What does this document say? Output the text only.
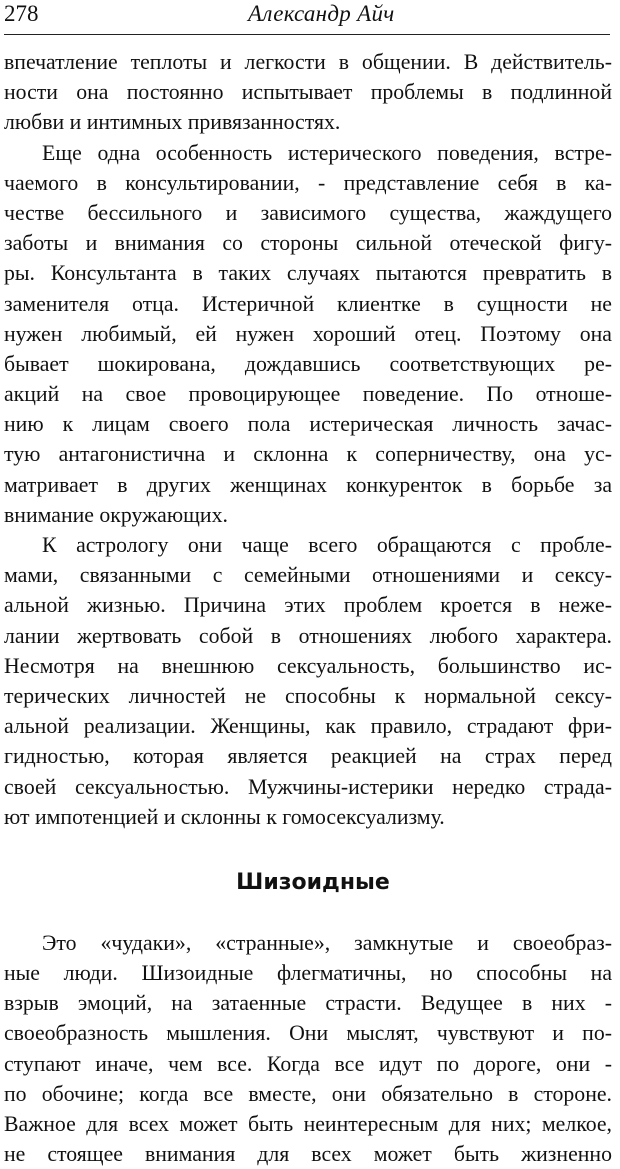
278	Александр Айч
впечатление теплоты и легкости в общении. В действитель-
ности она постоянно испытывает проблемы в подлинной
любви и интимных привязанностях.
Еще одна особенность истерического поведения, встре-
чаемого в консультировании, - представление себя в ка-
честве бессильного и зависимого существа, жаждущего
заботы и внимания со стороны сильной отеческой фигу-
ры. Консультанта в таких случаях пытаются превратить в
заменителя отца. Истеричной клиентке в сущности не
нужен любимый, ей нужен хороший отец. Поэтому она
бывает шокирована, дождавшись соответствующих ре-
акций на свое провоцирующее поведение. По отноше-
нию к лицам своего пола истерическая личность зачас-
тую антагонистична и склонна к соперничеству, она ус-
матривает в других женщинах конкуренток в борьбе за
внимание окружающих.
К астрологу они чаще всего обращаются с пробле-
мами, связанными с семейными отношениями и сексу-
альной жизнью. Причина этих проблем кроется в нежe-
лании жертвовать собой в отношениях любого характера.
Несмотря на внешнюю сексуальность, большинство ис-
терических личностей не способны к нормальной сексу-
альной реализации. Женщины, как правило, страдают фри-
гидностью, которая является реакцией на страх перед
своей сексуальностью. Мужчины-истерики нередко страда-
ют импотенцией и склонны к гомосексуализму.
Шизоидные
Это «чудаки», «странные», замкнутые и своеобраз-
ные люди. Шизоидные флегматичны, но способны на
взрыв эмоций, на затаенные страсти. Ведущее в них -
своеобразность мышления. Они мыслят, чувствуют и по-
ступают иначе, чем все. Когда все идут по дороге, они -
по обочине; когда все вместе, они обязательно в стороне.
Важное для всех может быть неинтересным для них; мелкое,
не стоящее внимания для всех может быть жизненно
